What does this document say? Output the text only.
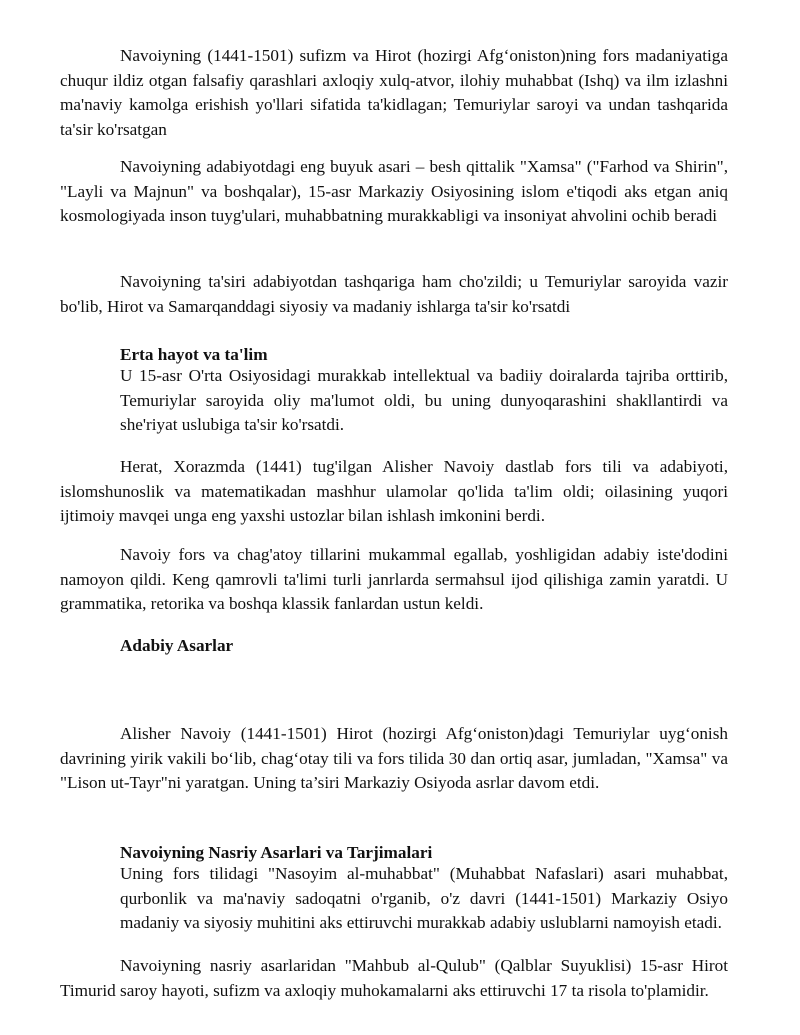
Navoiyning (1441-1501) sufizm va Hirot (hozirgi Afg‘oniston)ning fors madaniyatiga chuqur ildiz otgan falsafiy qarashlari axloqiy xulq-atvor, ilohiy muhabbat (Ishq) va ilm izlashni ma'naviy kamolga erishish yo'llari sifatida ta'kidlagan; Temuriylar saroyi va undan tashqarida ta'sir ko'rsatgan

Navoiyning adabiyotdagi eng buyuk asari – besh qittalik "Xamsa" ("Farhod va Shirin", "Layli va Majnun" va boshqalar), 15-asr Markaziy Osiyosining islom e'tiqodi aks etgan aniq kosmologiyada inson tuyg'ulari, muhabbatning murakkabligi va insoniyat ahvolini ochib beradi

Navoiyning ta'siri adabiyotdan tashqariga ham cho'zildi; u Temuriylar saroyida vazir bo'lib, Hirot va Samarqanddagi siyosiy va madaniy ishlarga ta'sir ko'rsatdi

Erta hayot va ta'lim

U 15-asr O'rta Osiyosidagi murakkab intellektual va badiiy doiralarda tajriba orttirib, Temuriylar saroyida oliy ma'lumot oldi, bu uning dunyoqarashini shakllantirdi va she'riyat uslubiga ta'sir ko'rsatdi.

Herat, Xorazmda (1441) tug'ilgan Alisher Navoiy dastlab fors tili va adabiyoti, islomshunoslik va matematikadan mashhur ulamolar qo'lida ta'lim oldi; oilasining yuqori ijtimoiy mavqei unga eng yaxshi ustozlar bilan ishlash imkonini berdi.

Navoiy fors va chag'atoy tillarini mukammal egallab, yoshligidan adabiy iste'dodini namoyon qildi. Keng qamrovli ta'limi turli janrlarda sermahsul ijod qilishiga zamin yaratdi. U grammatika, retorika va boshqa klassik fanlardan ustun keldi.

Adabiy Asarlar

Alisher Navoiy (1441-1501) Hirot (hozirgi Afg‘oniston)dagi Temuriylar uyg‘onish davrining yirik vakili bo‘lib, chag‘otay tili va fors tilida 30 dan ortiq asar, jumladan, "Xamsa" va "Lison ut-Tayr"ni yaratgan. Uning ta’siri Markaziy Osiyoda asrlar davom etdi.

Navoiyning Nasriy Asarlari va Tarjimalari

Uning fors tilidagi "Nasoyim al-muhabbat" (Muhabbat Nafaslari) asari muhabbat, qurbonlik va ma'naviy sadoqatni o'rganib, o'z davri (1441-1501) Markaziy Osiyo madaniy va siyosiy muhitini aks ettiruvchi murakkab adabiy uslublarni namoyish etadi.

Navoiyning nasriy asarlaridan "Mahbub al-Qulub" (Qalblar Suyuklisi) 15-asr Hirot Timurid saroy hayoti, sufizm va axloqiy muhokamalarni aks ettiruvchi 17 ta risola to'plamidir.
